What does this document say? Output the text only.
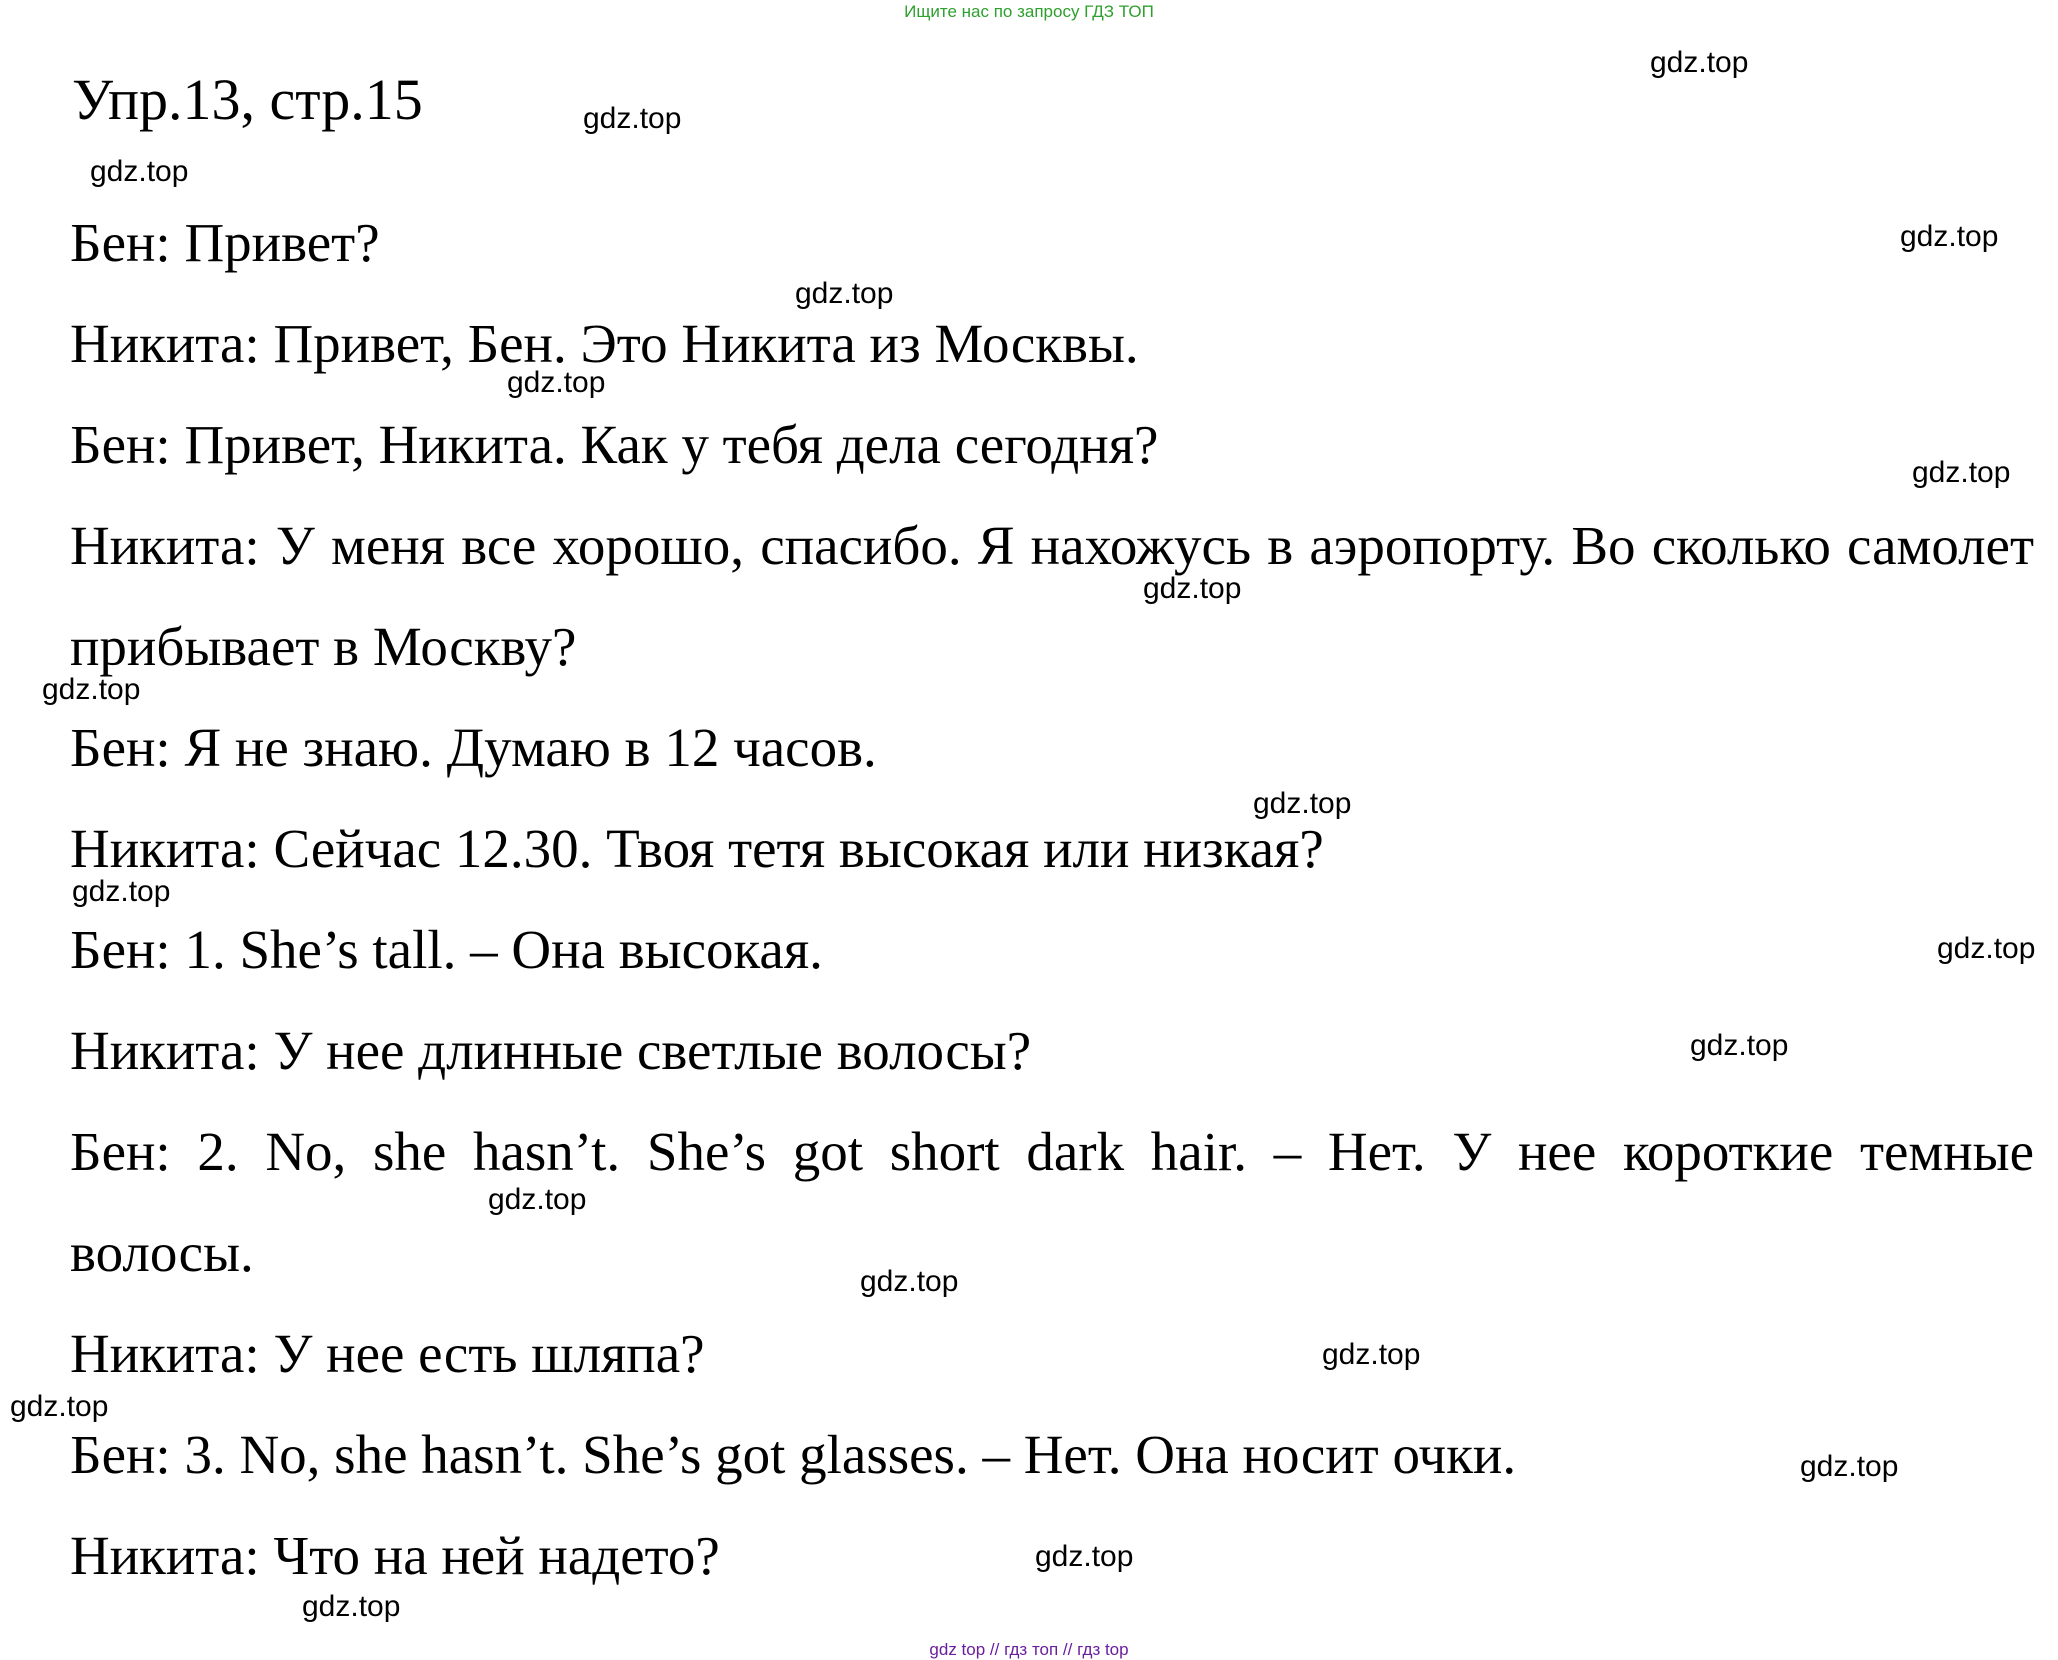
Ищите нас по запросу ГДЗ ТОП
Упр.13, стр.15

Бен: Привет?

Никита: Привет, Бен. Это Никита из Москвы.

Бен: Привет, Никита. Как у тебя дела сегодня?

Никита: У меня все хорошо, спасибо. Я нахожусь в аэропорту. Во сколько самолет прибывает в Москву?

Бен: Я не знаю. Думаю в 12 часов.

Никита: Сейчас 12.30. Твоя тетя высокая или низкая?

Бен: 1. She’s tall. – Она высокая.

Никита: У нее длинные светлые волосы?

Бен: 2. No, she hasn’t. She’s got short dark hair. – Нет. У нее короткие темные волосы.

Никита: У нее есть шляпа?

Бен: 3. No, she hasn’t. She’s got glasses. – Нет. Она носит очки.

Никита: Что на ней надето?

gdz.top
gdz.top
gdz.top
gdz.top
gdz.top
gdz.top
gdz.top
gdz.top
gdz.top
gdz.top
gdz.top
gdz.top
gdz.top
gdz.top
gdz.top
gdz.top
gdz.top
gdz.top
gdz.top
gdz.top
gdz top // гдз топ // гдз top
